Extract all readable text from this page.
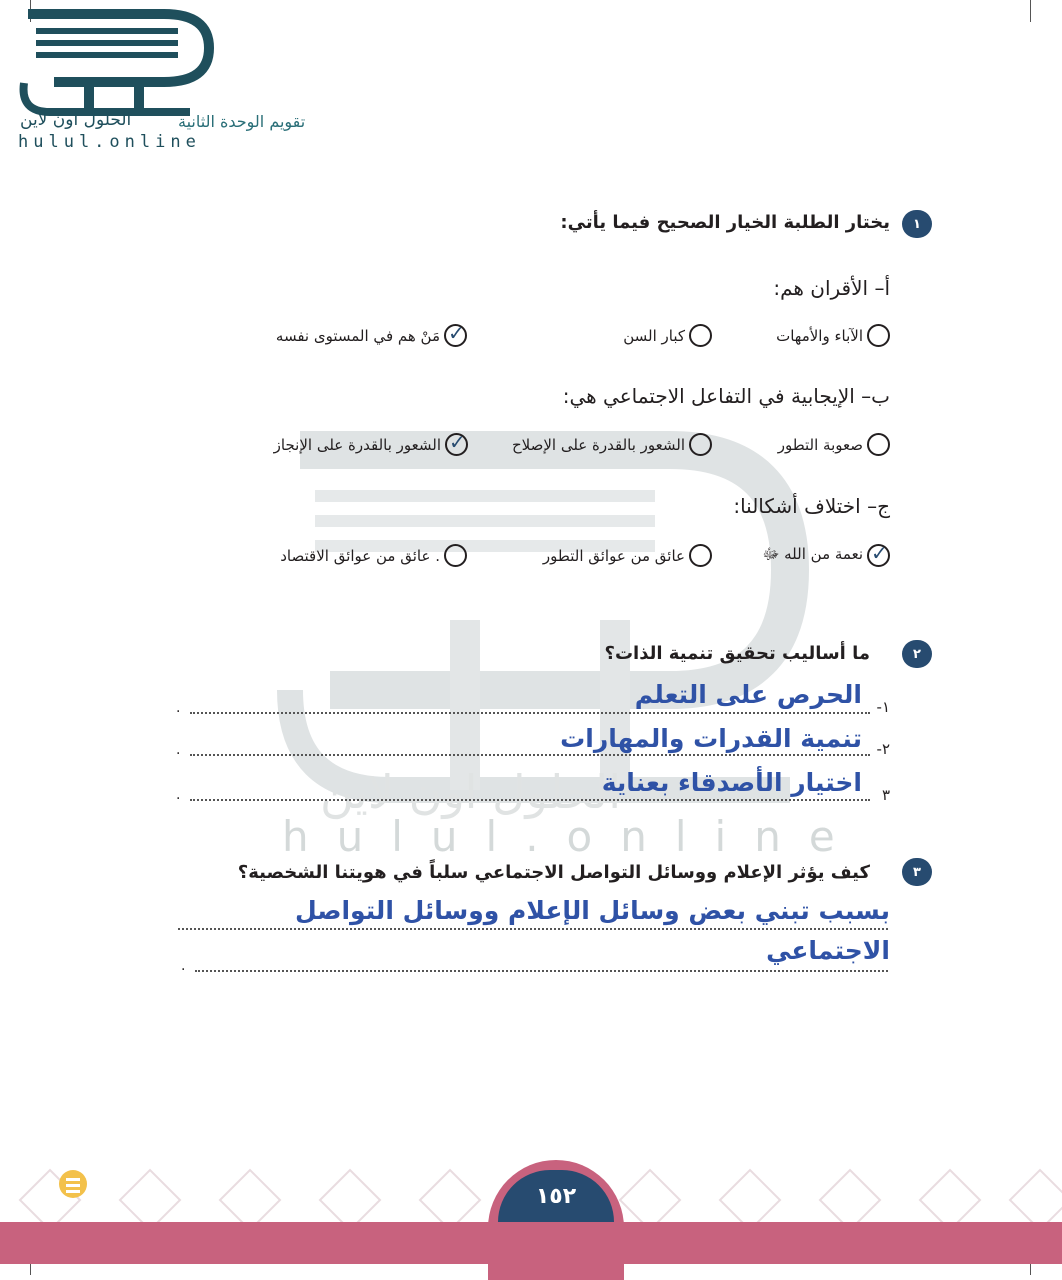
الحلول اون لاين
hulul.online
الحلول اون لاين
hulul.online
تقويم الوحدة الثانية
١
يختار الطلبة الخيار الصحيح فيما يأتي:
أ– الأقران هم:
الآباء والأمهات
كبار السن
✓
مَنْ هم في المستوى نفسه
ب– الإيجابية في التفاعل الاجتماعي هي:
صعوبة التطور
الشعور بالقدرة على الإصلاح
✓
الشعور بالقدرة على الإنجاز
ج– اختلاف أشكالنا:
✓
نعمة من الله ﷻ
عائق من عوائق التطور
عائق من عوائق الاقتصاد .
٢
ما أساليب تحقيق تنمية الذات؟
١-
الحرص على التعلم
.
٢-
تنمية القدرات والمهارات
.
٣
اختيار الأصدقاء بعناية
.
٣
كيف يؤثر الإعلام ووسائل التواصل الاجتماعي سلباً في هويتنا الشخصية؟
بسبب تبني بعض وسائل الإعلام ووسائل التواصل
الاجتماعي
.
١٥٢
